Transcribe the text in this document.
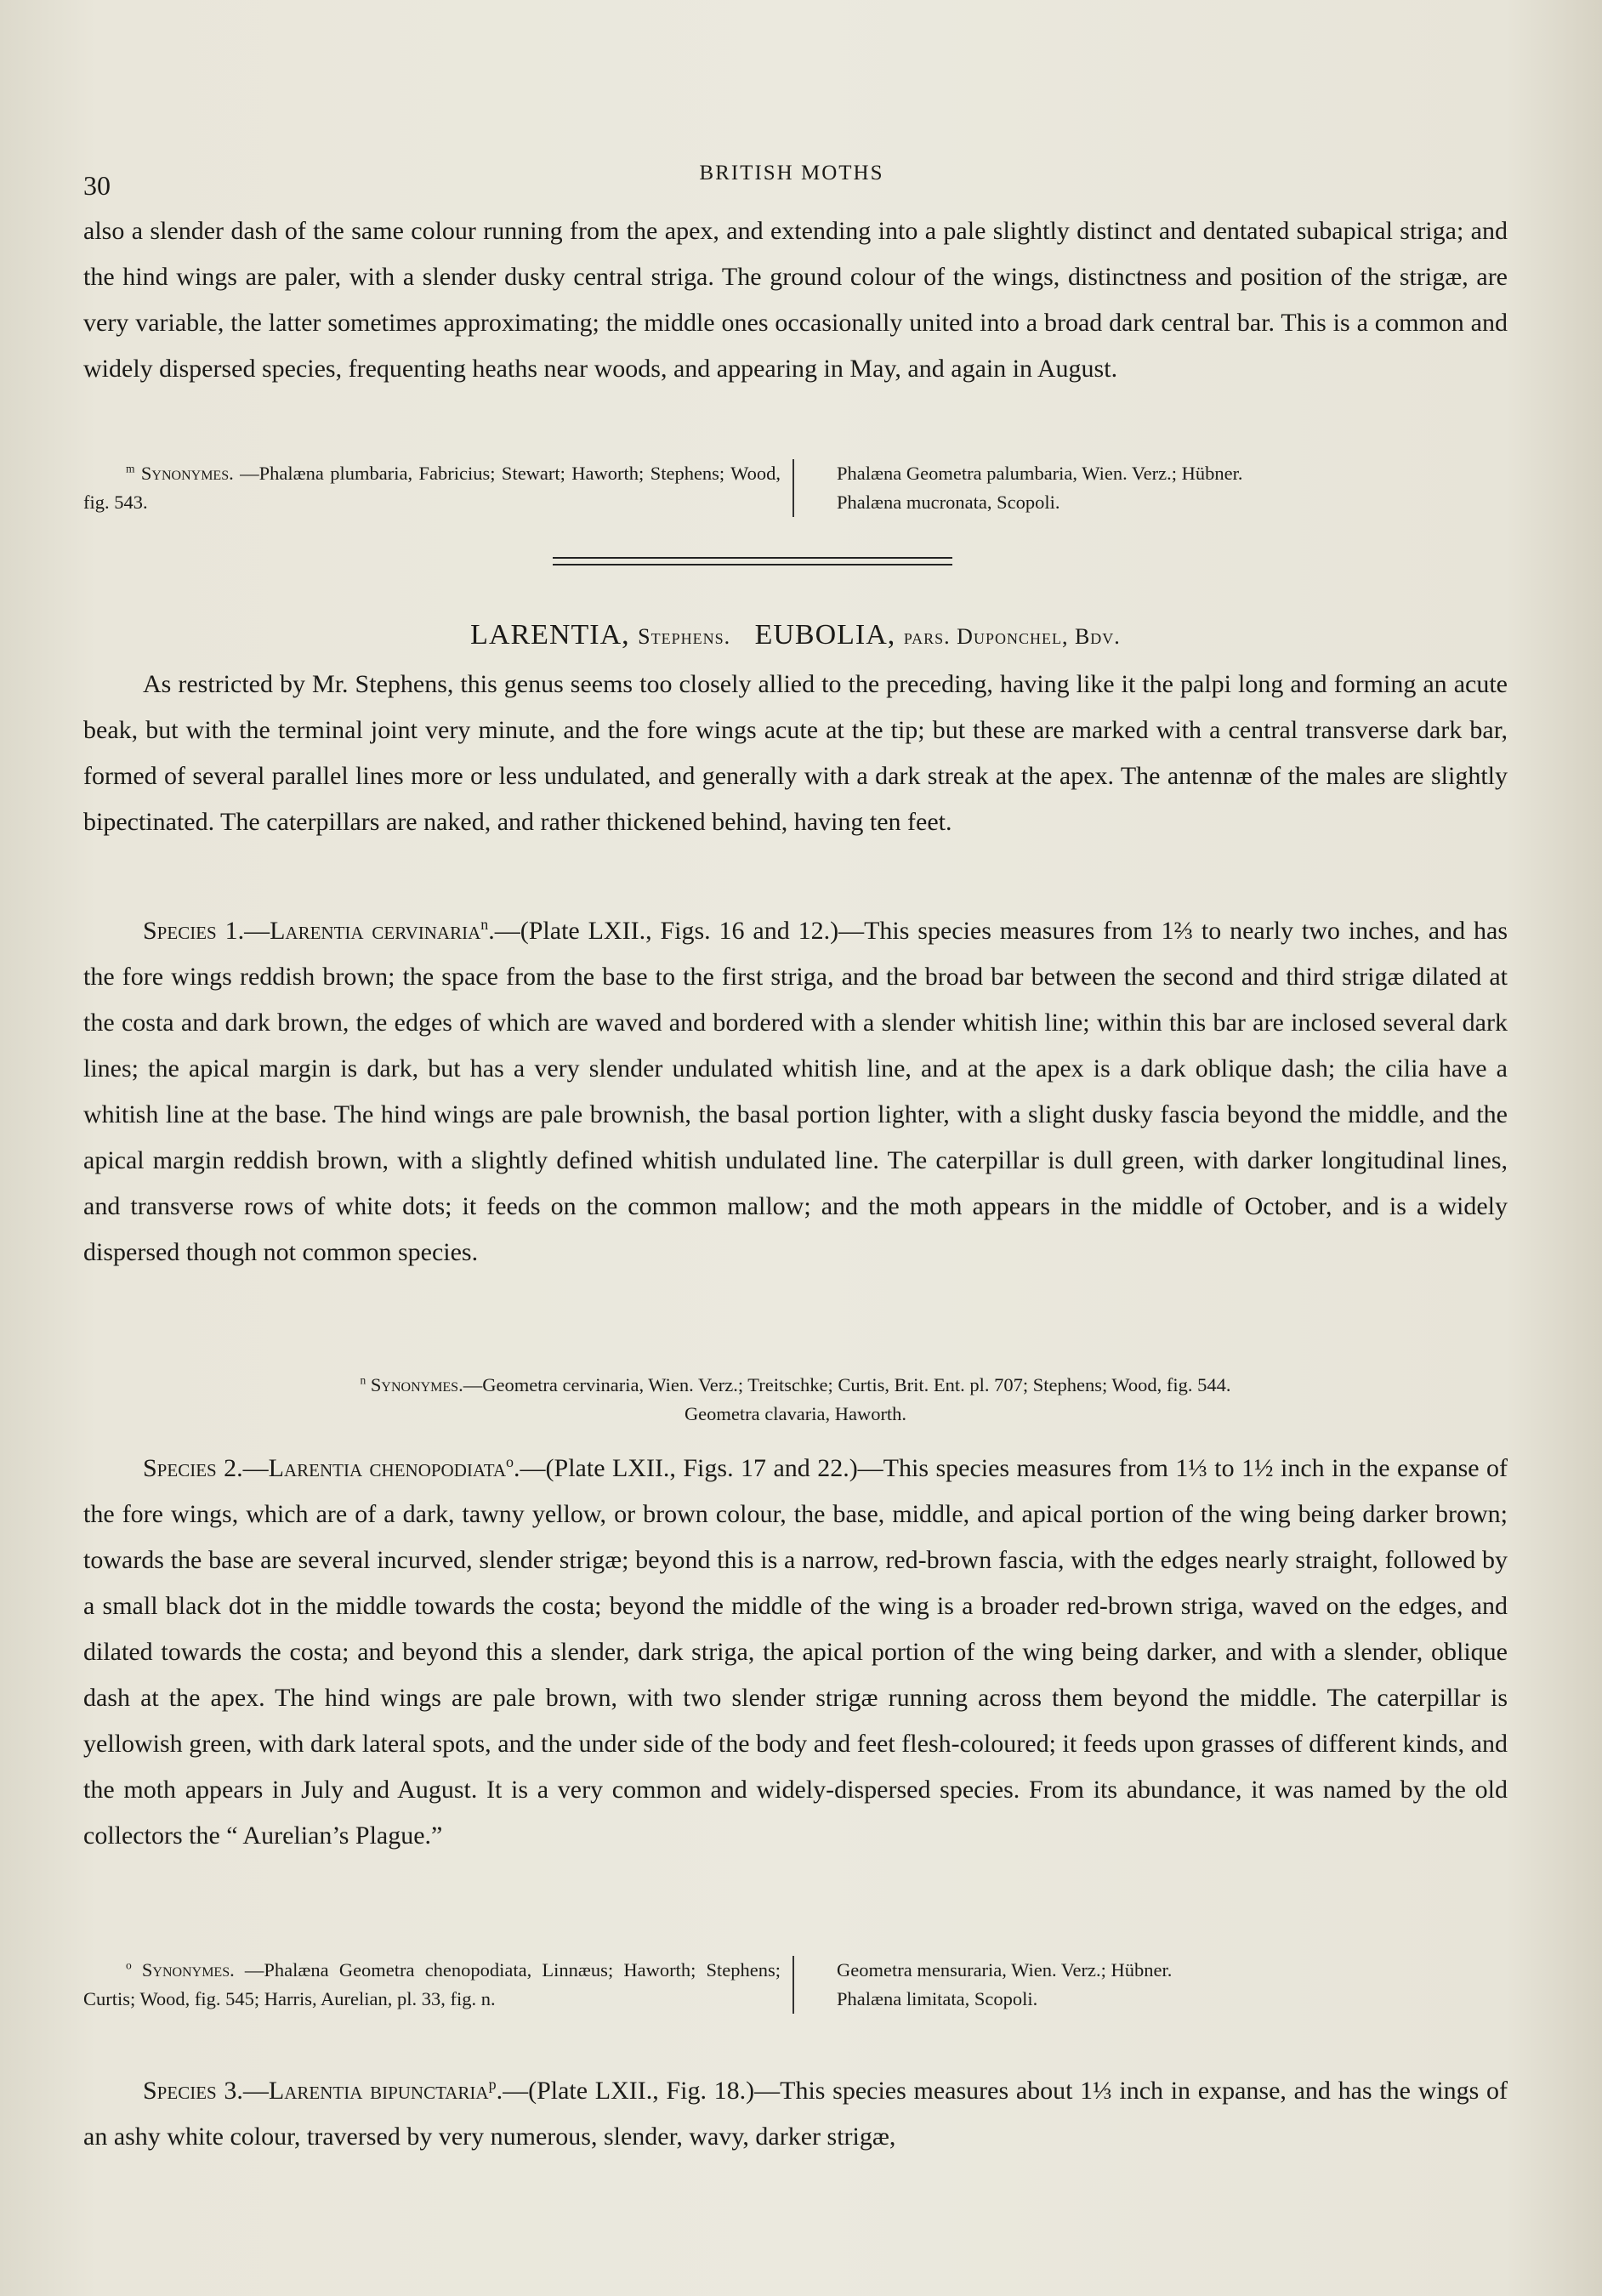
30	BRITISH MOTHS

also a slender dash of the same colour running from the apex, and extending into a pale slightly distinct and dentated subapical striga; and the hind wings are paler, with a slender dusky central striga. The ground colour of the wings, distinctness and position of the strigæ, are very variable, the latter sometimes approximating; the middle ones occasionally united into a broad dark central bar. This is a common and widely dispersed species, frequenting heaths near woods, and appearing in May, and again in August.

$^m$ Synonymes. —Phalæna plumbaria, Fabricius; Stewart; Haworth; Stephens; Wood, fig. 543.
Phalæna Geometra palumbaria, Wien. Verz.; Hübner.
Phalæna mucronata, Scopoli.
LARENTIA, Stephens. EUBOLIA, pars. Duponchel, Bdv.

As restricted by Mr. Stephens, this genus seems too closely allied to the preceding, having like it the palpi long and forming an acute beak, but with the terminal joint very minute, and the fore wings acute at the tip; but these are marked with a central transverse dark bar, formed of several parallel lines more or less undulated, and generally with a dark streak at the apex. The antennæ of the males are slightly bipectinated. The caterpillars are naked, and rather thickened behind, having ten feet.

Species 1.—Larentia cervinaria$^n$.—(Plate LXII., Figs. 16 and 12.)—This species measures from 1⅔ to nearly two inches, and has the fore wings reddish brown; the space from the base to the first striga, and the broad bar between the second and third strigæ dilated at the costa and dark brown, the edges of which are waved and bordered with a slender whitish line; within this bar are inclosed several dark lines; the apical margin is dark, but has a very slender undulated whitish line, and at the apex is a dark oblique dash; the cilia have a whitish line at the base. The hind wings are pale brownish, the basal portion lighter, with a slight dusky fascia beyond the middle, and the apical margin reddish brown, with a slightly defined whitish undulated line. The caterpillar is dull green, with darker longitudinal lines, and transverse rows of white dots; it feeds on the common mallow; and the moth appears in the middle of October, and is a widely dispersed though not common species.

$^n$ Synonymes.—Geometra cervinaria, Wien. Verz.; Treitschke; Curtis, Brit. Ent. pl. 707; Stephens; Wood, fig. 544.
Geometra clavaria, Haworth.

Species 2.—Larentia chenopodiata$^o$.—(Plate LXII., Figs. 17 and 22.)—This species measures from 1⅓ to 1½ inch in the expanse of the fore wings, which are of a dark, tawny yellow, or brown colour, the base, middle, and apical portion of the wing being darker brown; towards the base are several incurved, slender strigæ; beyond this is a narrow, red-brown fascia, with the edges nearly straight, followed by a small black dot in the middle towards the costa; beyond the middle of the wing is a broader red-brown striga, waved on the edges, and dilated towards the costa; and beyond this a slender, dark striga, the apical portion of the wing being darker, and with a slender, oblique dash at the apex. The hind wings are pale brown, with two slender strigæ running across them beyond the middle. The caterpillar is yellowish green, with dark lateral spots, and the under side of the body and feet flesh-coloured; it feeds upon grasses of different kinds, and the moth appears in July and August. It is a very common and widely-dispersed species. From its abundance, it was named by the old collectors the “ Aurelian’s Plague.”

$^o$ Synonymes. —Phalæna Geometra chenopodiata, Linnæus; Haworth; Stephens; Curtis; Wood, fig. 545; Harris, Aurelian, pl. 33, fig. n.
Geometra mensuraria, Wien. Verz.; Hübner.
Phalæna limitata, Scopoli.

Species 3.—Larentia bipunctaria$^p$.—(Plate LXII., Fig. 18.)—This species measures about 1⅓ inch in expanse, and has the wings of an ashy white colour, traversed by very numerous, slender, wavy, darker strigæ,
